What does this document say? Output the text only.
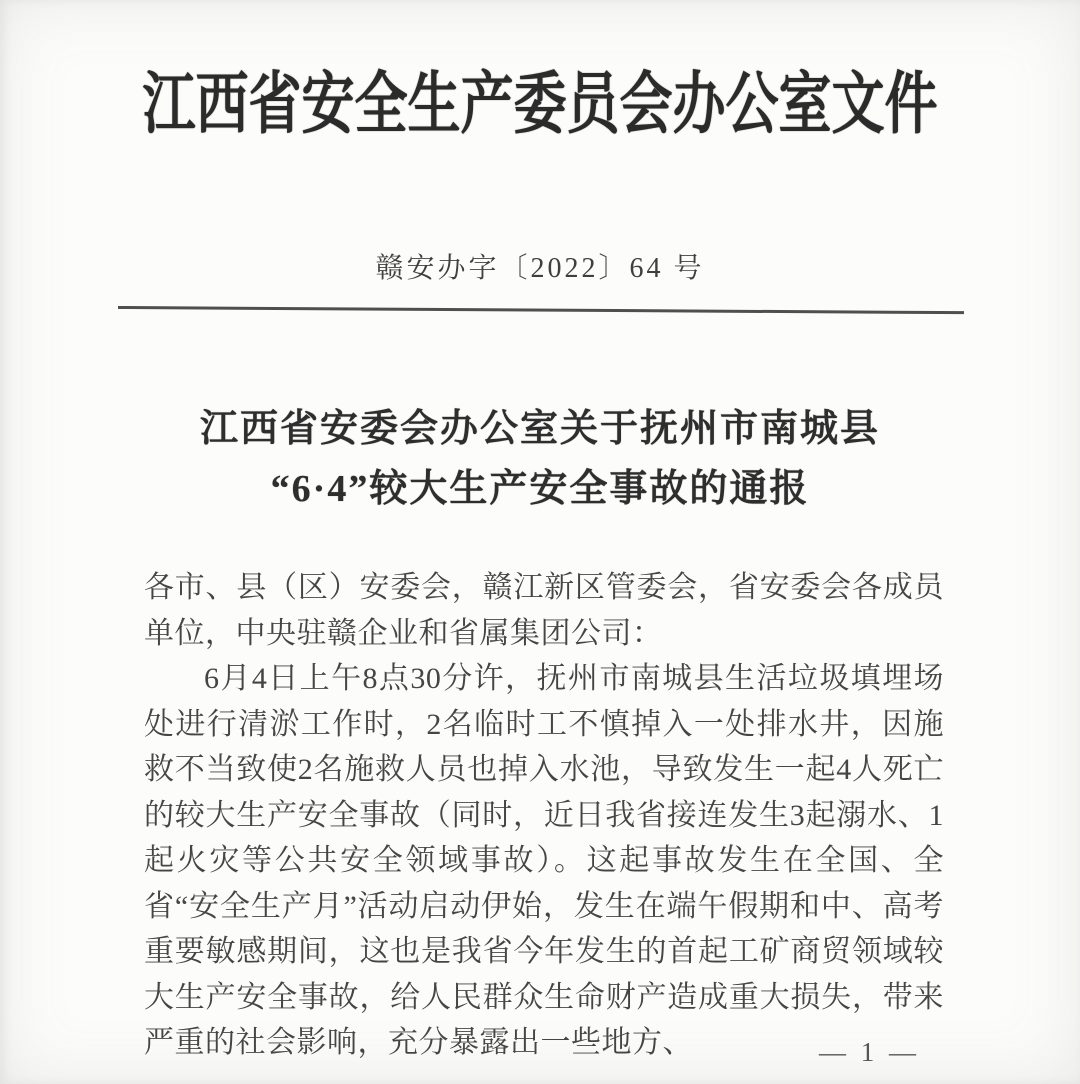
江西省安全生产委员会办公室文件
赣安办字〔2022〕64 号
江西省安委会办公室关于抚州市南城县
“6·4”较大生产安全事故的通报

各市、县（区）安委会，赣江新区管委会，省安委会各成员单位，中央驻赣企业和省属集团公司：

6月4日上午8点30分许，抚州市南城县生活垃圾填埋场处进行清淤工作时，2名临时工不慎掉入一处排水井，因施救不当致使2名施救人员也掉入水池，导致发生一起4人死亡的较大生产安全事故（同时，近日我省接连发生3起溺水、1起火灾等公共安全领域事故）。这起事故发生在全国、全省“安全生产月”活动启动伊始，发生在端午假期和中、高考重要敏感期间，这也是我省今年发生的首起工矿商贸领域较大生产安全事故，给人民群众生命财产造成重大损失，带来严重的社会影响，充分暴露出一些地方、	— 1 —
